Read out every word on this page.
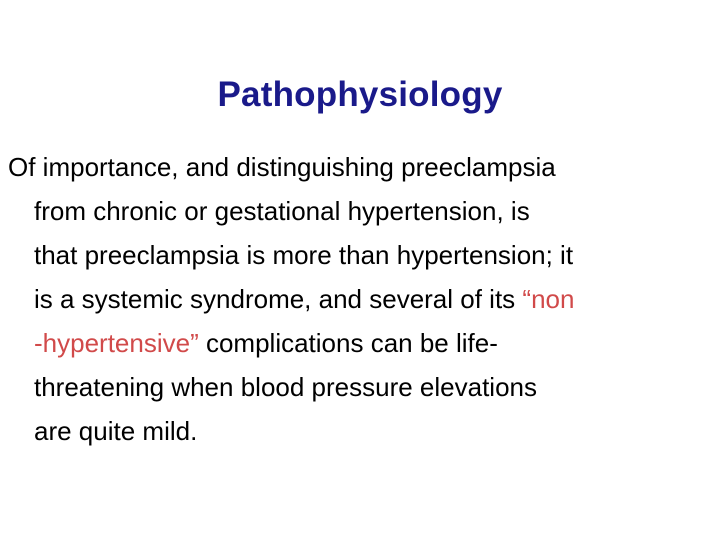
Pathophysiology
Of importance, and distinguishing preeclampsia
from chronic or gestational hypertension, is
that preeclampsia is more than hypertension; it
is a systemic syndrome, and several of its “non
-hypertensive” complications can be life-
threatening when blood pressure elevations
are quite mild.
